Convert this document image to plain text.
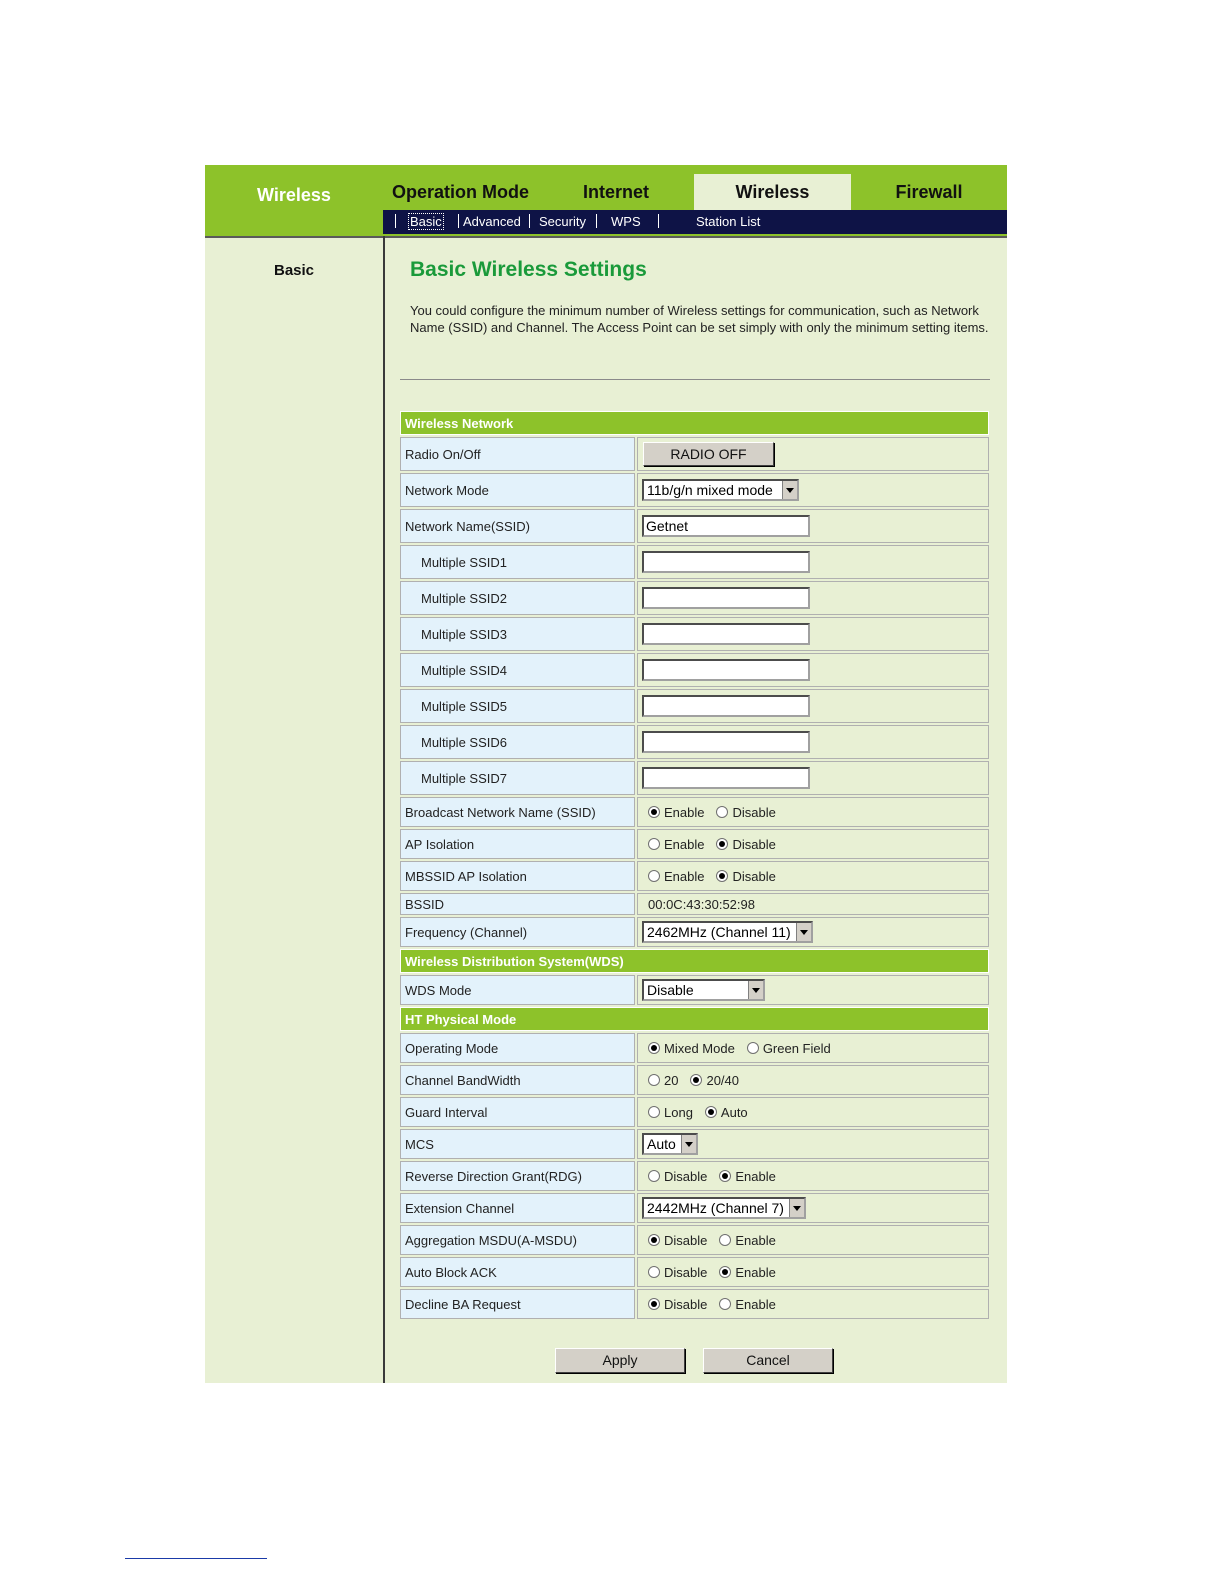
Wireless	Operation Mode	Internet	Wireless	Firewall
Basic Advanced Security WPS	Station List
Basic	Basic Wireless Settings
You could configure the minimum number of Wireless settings for communication, such as Network Name (SSID) and Channel. The Access Point can be set simply with only the minimum setting items.
Wireless Network
Radio On/Off	RADIO OFF
Network Mode	11b/g/n mixed mode
Network Name(SSID)	Getnet
Multiple SSID1
Multiple SSID2
Multiple SSID3
Multiple SSID4
Multiple SSID5
Multiple SSID6
Multiple SSID7
Broadcast Network Name (SSID)	Enable Disable
AP Isolation	Enable Disable
MBSSID AP Isolation	Enable Disable
BSSID	00:0C:43:30:52:98
Frequency (Channel)	2462MHz (Channel 11)
Wireless Distribution System(WDS)
WDS Mode	Disable
HT Physical Mode
Operating Mode	Mixed Mode Green Field
Channel BandWidth	20 20/40
Guard Interval	Long Auto
MCS	Auto
Reverse Direction Grant(RDG)	Disable Enable
Extension Channel	2442MHz (Channel 7)
Aggregation MSDU(A-MSDU)	Disable Enable
Auto Block ACK	Disable Enable
Decline BA Request	Disable Enable
Apply	Cancel
